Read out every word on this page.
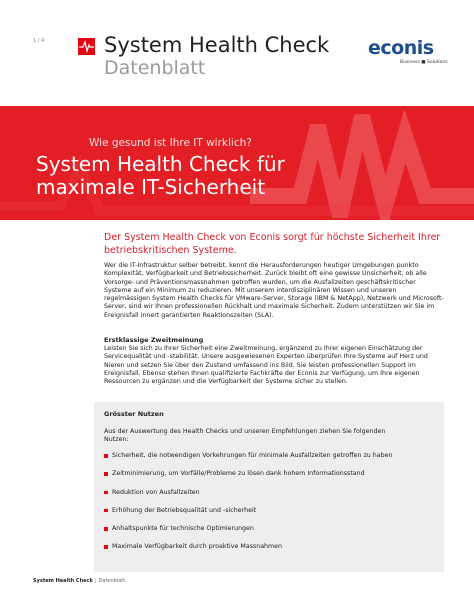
1 / 4	System Health Check
Datenblatt
econis
Business ■ Solutions
Wie gesund ist Ihre IT wirklich?
System Health Check für maximale IT-Sicherheit
Der System Health Check von Econis sorgt für höchste Sicherheit Ihrer betriebskritischen Systeme.
Wer die IT-Infrastruktur selber betreibt, kennt die Herausforderungen heutiger Umgebungen punkto Komplexität, Verfügbarkeit und Betriebssicherheit. Zurück bleibt oft eine gewisse Unsicherheit, ob alle Vorsorge- und Präventionsmassnahmen getroffen wurden, um die Ausfallzeiten geschäftskritischer Systeme auf ein Minimum zu reduzieren. Mit unserem interdisziplinären Wissen und unseren regelmässigen System Health Checks für VMware-Server, Storage (IBM & NetApp), Netzwerk und Microsoft-Server, sind wir Ihnen professionellen Rückhalt und maximale Sicherheit. Zudem unterstützen wir Sie im Ereignisfall innert garantierten Reaktionszeiten (SLA).
Erstklassige Zweitmeinung
Leisten Sie sich zu Ihrer Sicherheit eine Zweitmeinung, ergänzend zu Ihrer eigenen Einschätzung der Servicequalität und -stabilität. Unsere ausgewiesenen Experten überprüfen Ihre Systeme auf Herz und Nieren und setzen Sie über den Zustand umfassend ins Bild. Sie leisten professionellen Support im Ereignisfall. Ebenso stehen Ihnen qualifizierte Fachkräfte der Econis zur Verfügung, um Ihre eigenen Ressourcen zu ergänzen und die Verfügbarkeit der Systeme sicher zu stellen.
Grösster Nutzen
Aus der Auswertung des Health Checks und unseren Empfehlungen ziehen Sie folgenden Nutzen:
Sicherheit, die notwendigen Vorkehrungen für minimale Ausfallzeiten getroffen zu haben
Zeitminimierung, um Vorfälle/Probleme zu lösen dank hohem Informationsstand
Reduktion von Ausfallzeiten
Erhöhung der Betriebsqualität und -sicherheit
Anhaltspunkte für technische Optimierungen
Maximale Verfügbarkeit durch proaktive Massnahmen
System Health Check | Datenblatt
